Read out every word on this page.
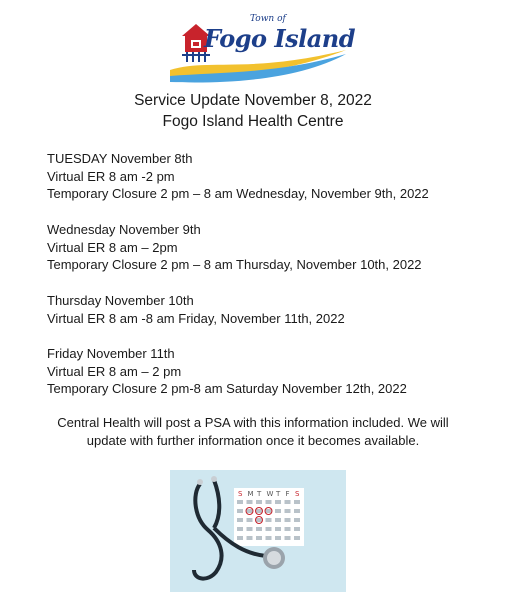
Town of
Fogo Island
Service Update November 8, 2022
Fogo Island Health Centre
TUESDAY November 8th
Virtual ER 8 am -2 pm
Temporary Closure 2 pm – 8 am Wednesday, November 9th, 2022
Wednesday November 9th
Virtual ER 8 am – 2pm
Temporary Closure 2 pm – 8 am Thursday, November 10th, 2022
Thursday November 10th
Virtual ER 8 am -8 am Friday, November 11th, 2022
Friday November 11th
Virtual ER 8 am – 2 pm
Temporary Closure 2 pm-8 am Saturday November 12th, 2022
Central Health will post a PSA with this information included. We will
update with further information once it becomes available.
S M T W T F S
